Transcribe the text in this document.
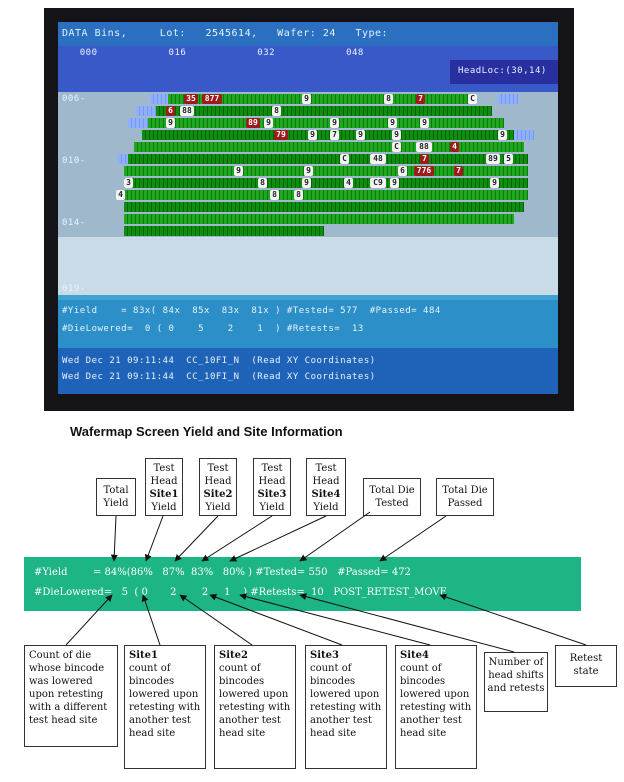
DATA Bins,     Lot:   2545614,   Wafer: 24   Type:
000            016            032            048
HeadLoc:(30,14)
006-
010-
014-
019-
35	877	9	8	7	C
6 88	8
9	89 9	9	9	9
79	9 7	9	9	9
C	88	4
C	48	7	89 5
9	9	6	776	7
3	8	9	4	C9	9	9
4	8 8
#Yield    = 83x( 84x  85x  83x  81x ) #Tested= 577  #Passed= 484
#DieLowered=  0 ( 0    5    2    1  ) #Retests=  13
Wed Dec 21 09:11:44  CC_10FI_N  (Read XY Coordinates)
Wed Dec 21 09:11:44  CC_10FI_N  (Read XY Coordinates)
Wafermap Screen Yield and Site Information
Total
Yield
Test
Head
Site1
Yield
Test
Head
Site2
Yield
Test
Head
Site3
Yield
Test
Head
Site4
Yield
Total Die
Tested
Total Die
Passed
#Yield        = 84%(86%   87%  83%   80% ) #Tested= 550   #Passed= 472
#DieLowered=   5  ( 0       2        2     1    ) #Retests=  10   POST_RETEST_MOVE
Count of die whose bincode was lowered upon retesting with a different test head site
Site1
count of bincodes lowered upon retesting with another test head site
Site2
count of bincodes lowered upon retesting with another test head site
Site3
count of bincodes lowered upon retesting with another test head site
Site4
count of bincodes lowered upon retesting with another test head site
Number of head shifts and retests
Retest state
